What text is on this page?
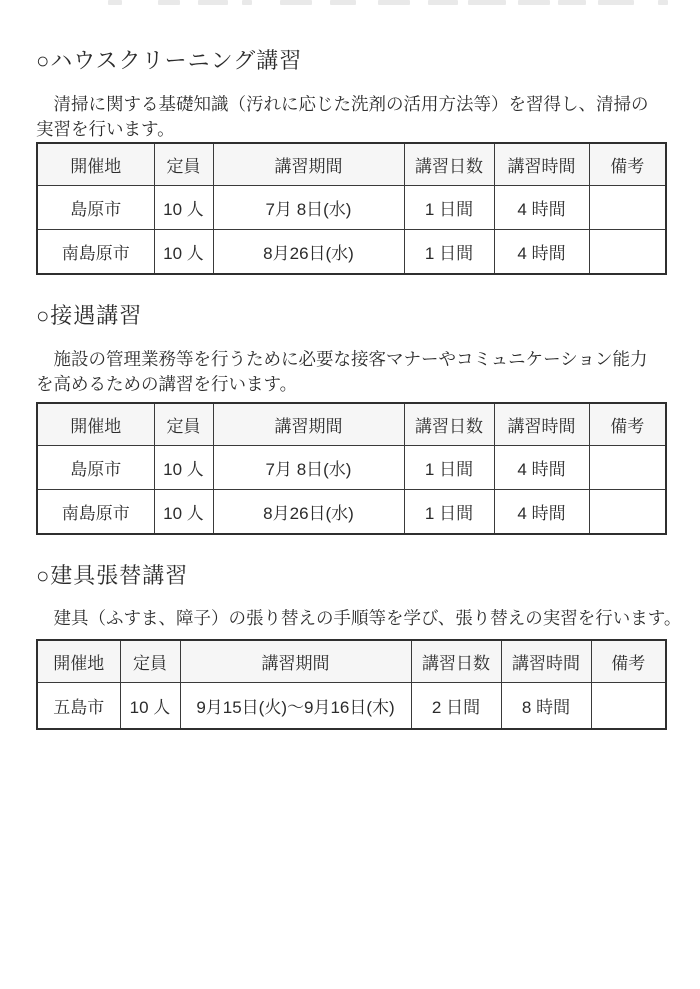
○ハウスクリーニング講習
　清掃に関する基礎知識（汚れに応じた洗剤の活用方法等）を習得し、清掃の
実習を行います。
開催地	定員	講習期間	講習日数	講習時間	備考
島原市	10 人	7月 8日(水)	1 日間	4 時間	
南島原市	10 人	8月26日(水)	1 日間	4 時間	
○接遇講習
　施設の管理業務等を行うために必要な接客マナーやコミュニケーション能力
を高めるための講習を行います。
開催地	定員	講習期間	講習日数	講習時間	備考
島原市	10 人	7月 8日(水)	1 日間	4 時間	
南島原市	10 人	8月26日(水)	1 日間	4 時間	
○建具張替講習
　建具（ふすま、障子）の張り替えの手順等を学び、張り替えの実習を行います。
開催地	定員	講習期間	講習日数	講習時間	備考
五島市	10 人	9月15日(火)～9月16日(木)	2 日間	8 時間	
